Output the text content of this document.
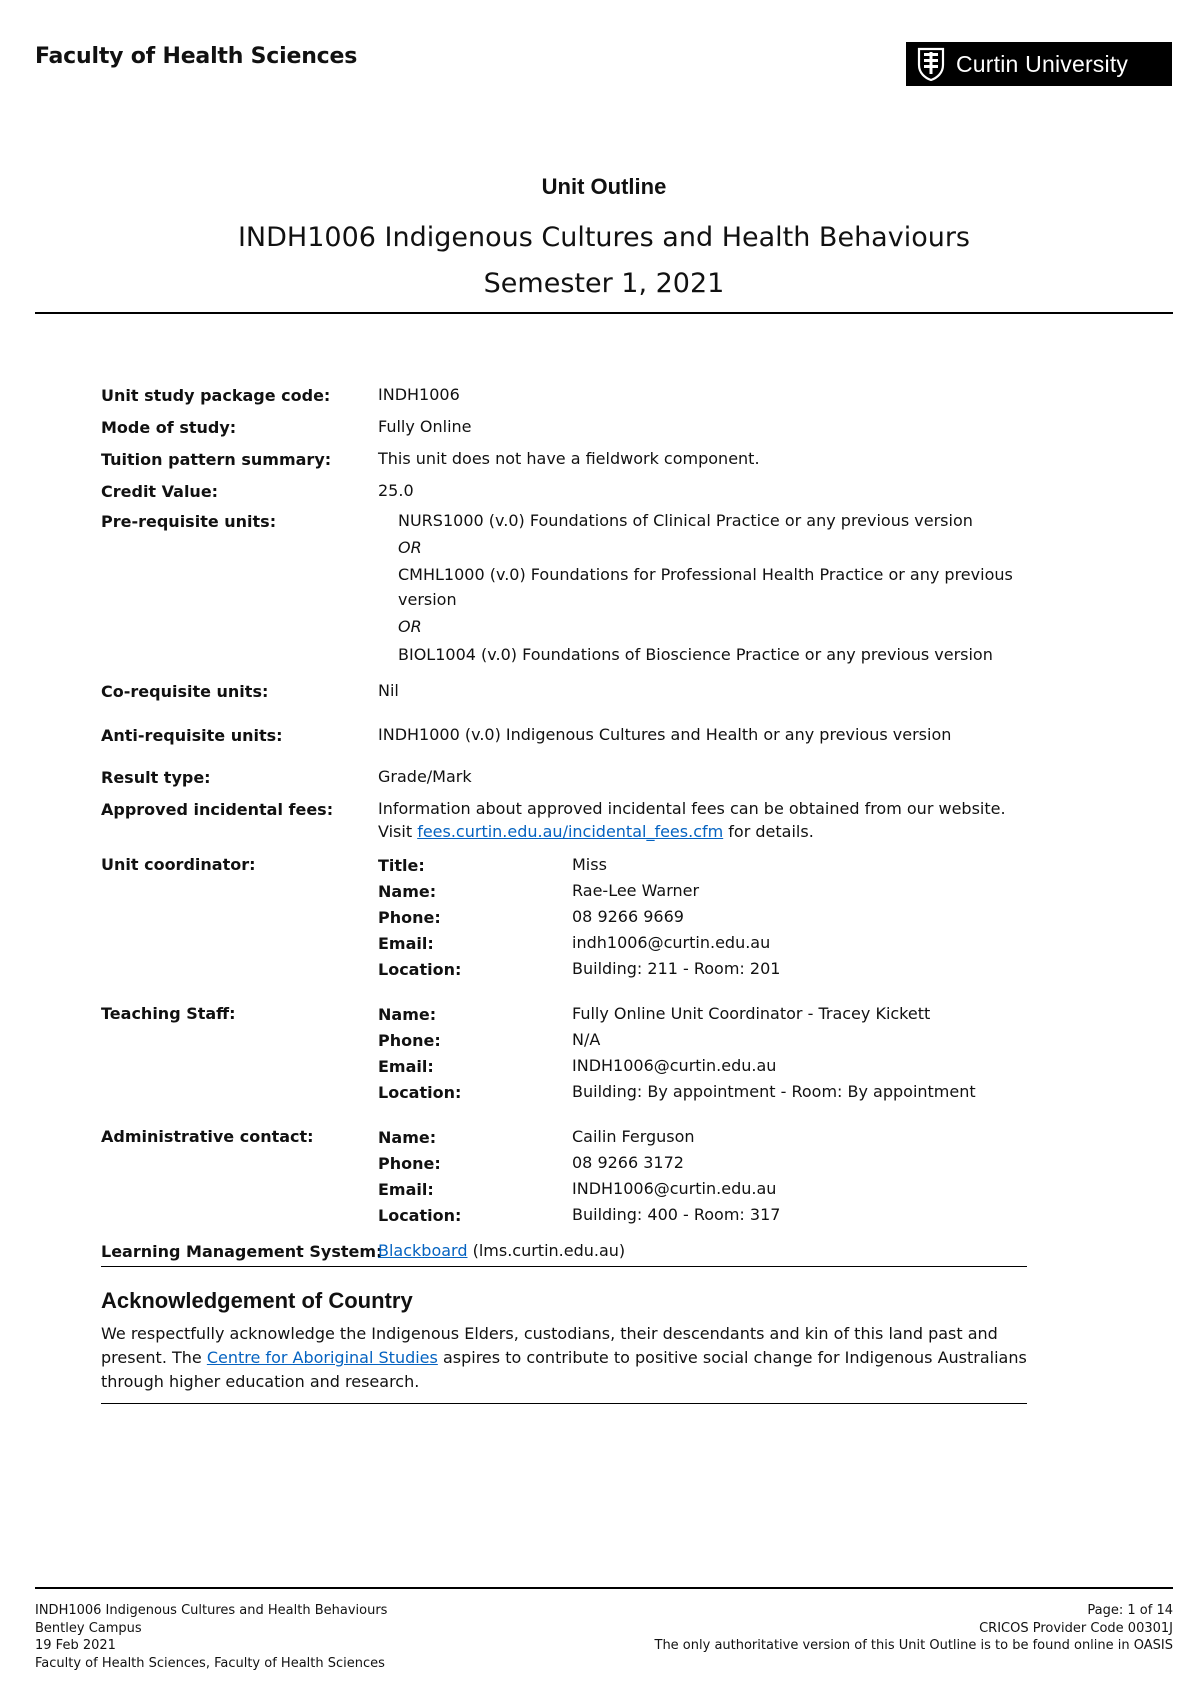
Faculty of Health Sciences	Curtin University
Unit Outline
INDH1006 Indigenous Cultures and Health Behaviours
Semester 1, 2021
Unit study package code:	INDH1006
Mode of study:	Fully Online
Tuition pattern summary:	This unit does not have a fieldwork component.
Credit Value:	25.0
Pre-requisite units:	NURS1000 (v.0) Foundations of Clinical Practice or any previous version
OR
CMHL1000 (v.0) Foundations for Professional Health Practice or any previous
version
OR
BIOL1004 (v.0) Foundations of Bioscience Practice or any previous version
Co-requisite units:	Nil
Anti-requisite units:	INDH1000 (v.0) Indigenous Cultures and Health or any previous version
Result type:	Grade/Mark
Approved incidental fees:	Information about approved incidental fees can be obtained from our website.
Visit fees.curtin.edu.au/incidental_fees.cfm for details.
Unit coordinator:	Title:	Miss
Name:	Rae-Lee Warner
Phone:	08 9266 9669
Email:	indh1006@curtin.edu.au
Location:	Building: 211 - Room: 201
Teaching Staff:	Name:	Fully Online Unit Coordinator - Tracey Kickett
Phone:	N/A
Email:	INDH1006@curtin.edu.au
Location:	Building: By appointment - Room: By appointment
Administrative contact:	Name:	Cailin Ferguson
Phone:	08 9266 3172
Email:	INDH1006@curtin.edu.au
Location:	Building: 400 - Room: 317
Learning Management System:
Blackboard (lms.curtin.edu.au)
Acknowledgement of Country
We respectfully acknowledge the Indigenous Elders, custodians, their descendants and kin of this land past and present. The Centre for Aboriginal Studies aspires to contribute to positive social change for Indigenous Australians through higher education and research.
INDH1006 Indigenous Cultures and Health Behaviours
Bentley Campus
19 Feb 2021
Faculty of Health Sciences, Faculty of Health Sciences
Page: 1 of 14
CRICOS Provider Code 00301J
The only authoritative version of this Unit Outline is to be found online in OASIS
